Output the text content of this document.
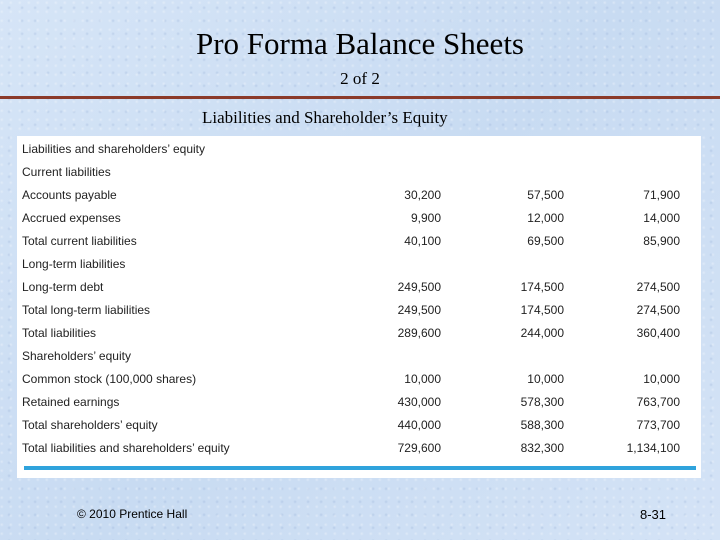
Pro Forma Balance Sheets
2 of 2
Liabilities and Shareholder’s Equity
Liabilities and shareholders’ equity			
Current liabilities			
Accounts payable	30,200	57,500	71,900
Accrued expenses	9,900	12,000	14,000
Total current liabilities	40,100	69,500	85,900
Long-term liabilities			
Long-term debt	249,500	174,500	274,500
Total long-term liabilities	249,500	174,500	274,500
Total liabilities	289,600	244,000	360,400
Shareholders’ equity			
Common stock (100,000 shares)	10,000	10,000	10,000
Retained earnings	430,000	578,300	763,700
Total shareholders’ equity	440,000	588,300	773,700
Total liabilities and shareholders’ equity	729,600	832,300	1,134,100
© 2010 Prentice Hall	8-31
